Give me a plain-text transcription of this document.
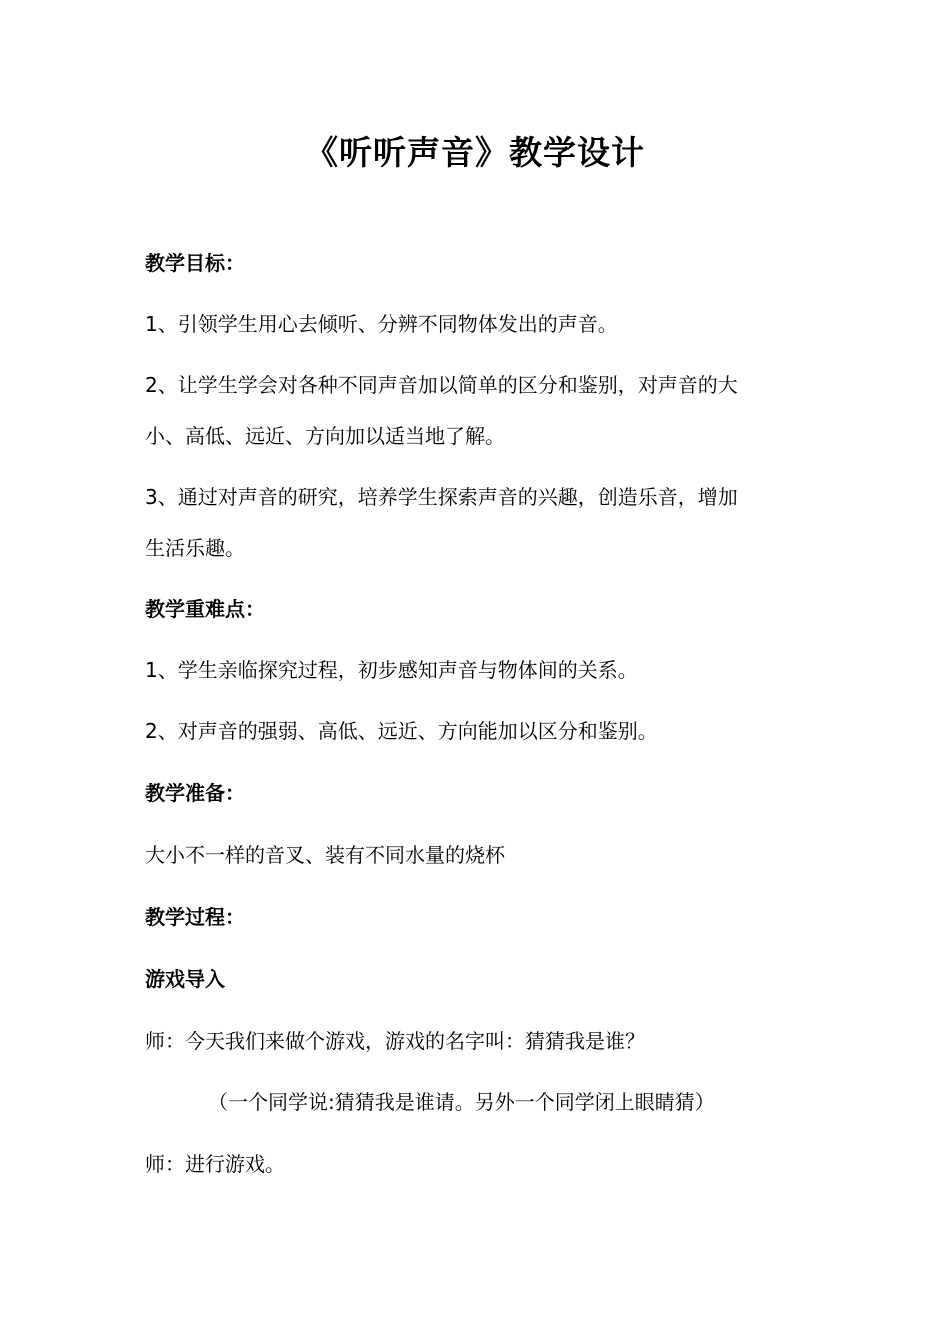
《听听声音》教学设计
教学目标：
1、引领学生用心去倾听、分辨不同物体发出的声音。
2、让学生学会对各种不同声音加以简单的区分和鉴别，对声音的大
小、高低、远近、方向加以适当地了解。
3、通过对声音的研究，培养学生探索声音的兴趣，创造乐音，增加
生活乐趣。
教学重难点：
1、学生亲临探究过程，初步感知声音与物体间的关系。
2、对声音的强弱、高低、远近、方向能加以区分和鉴别。
教学准备：
大小不一样的音叉、装有不同水量的烧杯
教学过程：
游戏导入
师：今天我们来做个游戏，游戏的名字叫：猜猜我是谁？
（一个同学说:猜猜我是谁请。另外一个同学闭上眼睛猜）
师：进行游戏。
